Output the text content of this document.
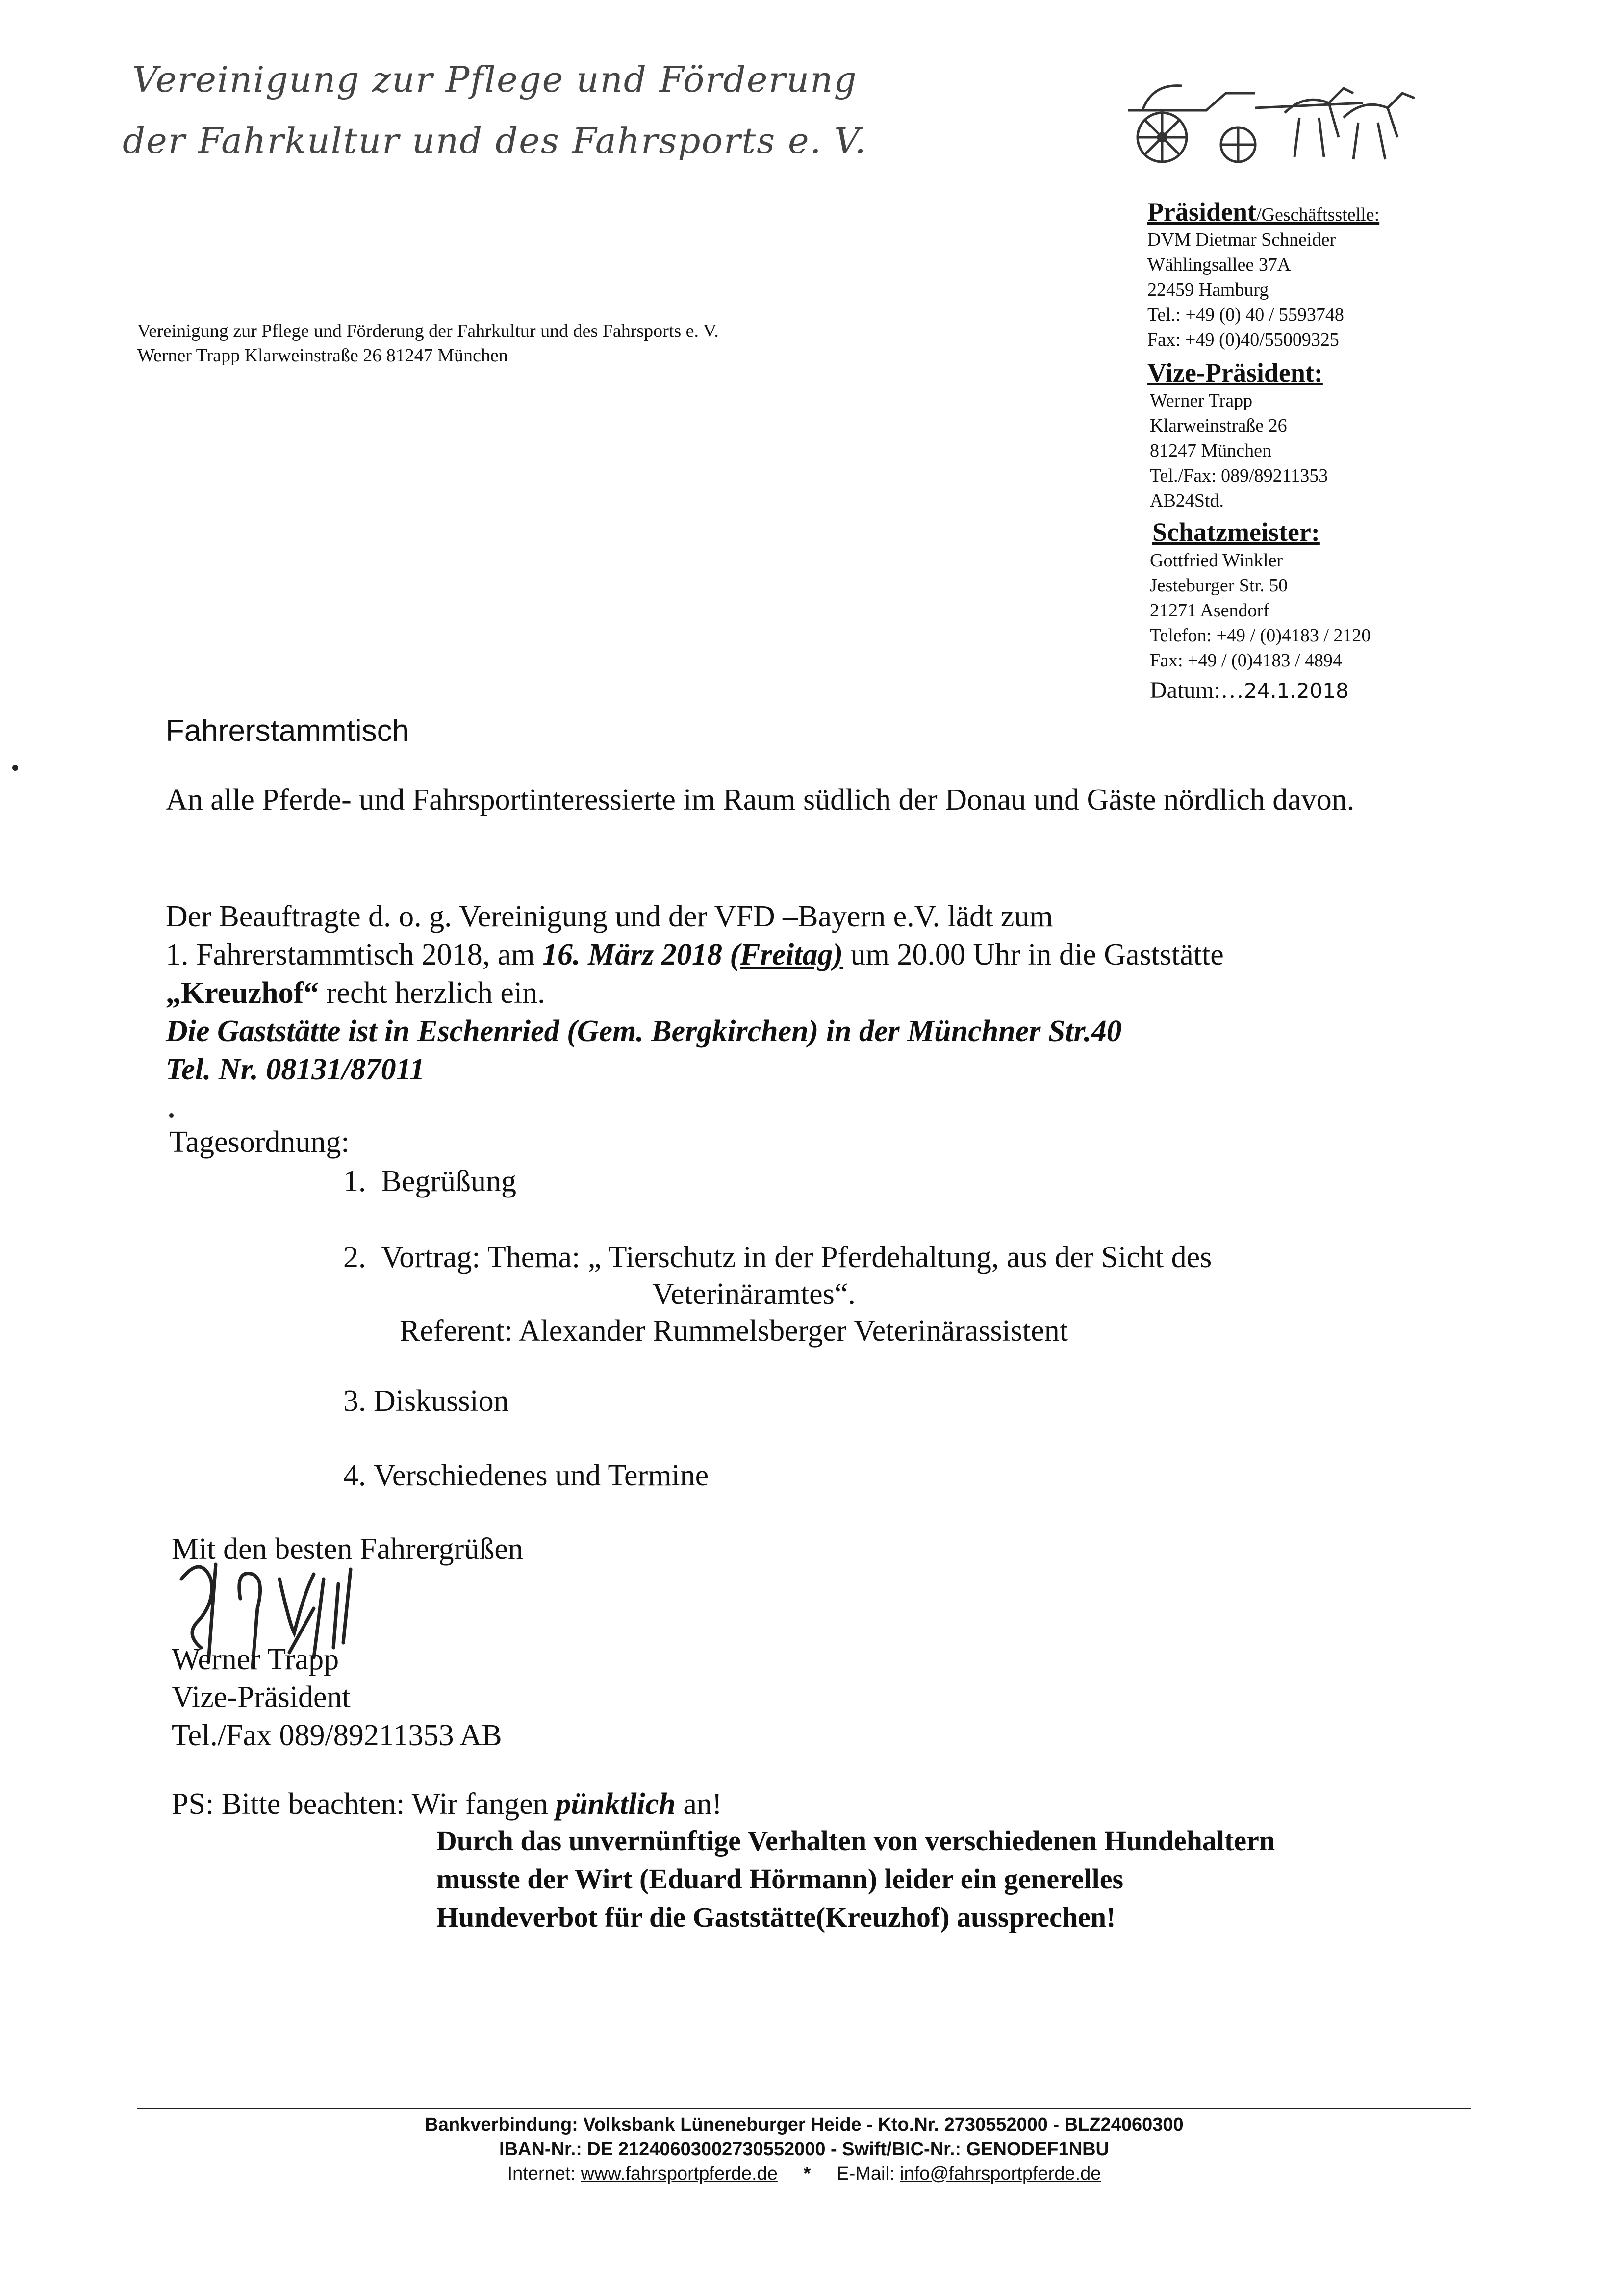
Vereinigung zur Pflege und Förderung
der Fahrkultur und des Fahrsports e. V.
Vereinigung zur Pflege und Förderung der Fahrkultur und des Fahrsports e. V.
Werner Trapp Klarweinstraße 26 81247 München
Präsident/Geschäftsstelle:
DVM Dietmar Schneider
Wählingsallee 37A
22459 Hamburg
Tel.: +49 (0) 40 / 5593748
Fax: +49 (0)40/55009325
Vize-Präsident:
Werner Trapp
Klarweinstraße 26
81247 München
Tel./Fax: 089/89211353
AB24Std.
Schatzmeister:
Gottfried Winkler
Jesteburger Str. 50
21271 Asendorf
Telefon: +49 / (0)4183 / 2120
Fax: +49 / (0)4183 / 4894
Datum:…24.1.2018
Fahrerstammtisch
An alle Pferde- und Fahrsportinteressierte im Raum südlich der Donau und Gäste nördlich davon.
Der Beauftragte d. o. g. Vereinigung und der VFD –Bayern e.V. lädt zum
1. Fahrerstammtisch 2018, am 16. März 2018 (Freitag) um 20.00 Uhr in die Gaststätte
„Kreuzhof“ recht herzlich ein.
Die Gaststätte ist in Eschenried (Gem. Bergkirchen) in der Münchner Str.40
Tel. Nr. 08131/87011
Tagesordnung:
1. Begrüßung
2. Vortrag: Thema: „ Tierschutz in der Pferdehaltung, aus der Sicht des
Veterinäramtes“.
Referent: Alexander Rummelsberger Veterinärassistent
3. Diskussion
4. Verschiedenes und Termine
Mit den besten Fahrergrüßen
Werner Trapp
Vize-Präsident
Tel./Fax 089/89211353 AB
PS: Bitte beachten: Wir fangen pünktlich an!
Durch das unvernünftige Verhalten von verschiedenen Hundehaltern
musste der Wirt (Eduard Hörmann) leider ein generelles
Hundeverbot für die Gaststätte(Kreuzhof) aussprechen!
Bankverbindung: Volksbank Lüneneburger Heide - Kto.Nr. 2730552000 - BLZ24060300
IBAN-Nr.: DE 21240603002730552000 - Swift/BIC-Nr.: GENODEF1NBU
Internet: www.fahrsportpferde.de     *     E-Mail: info@fahrsportpferde.de
